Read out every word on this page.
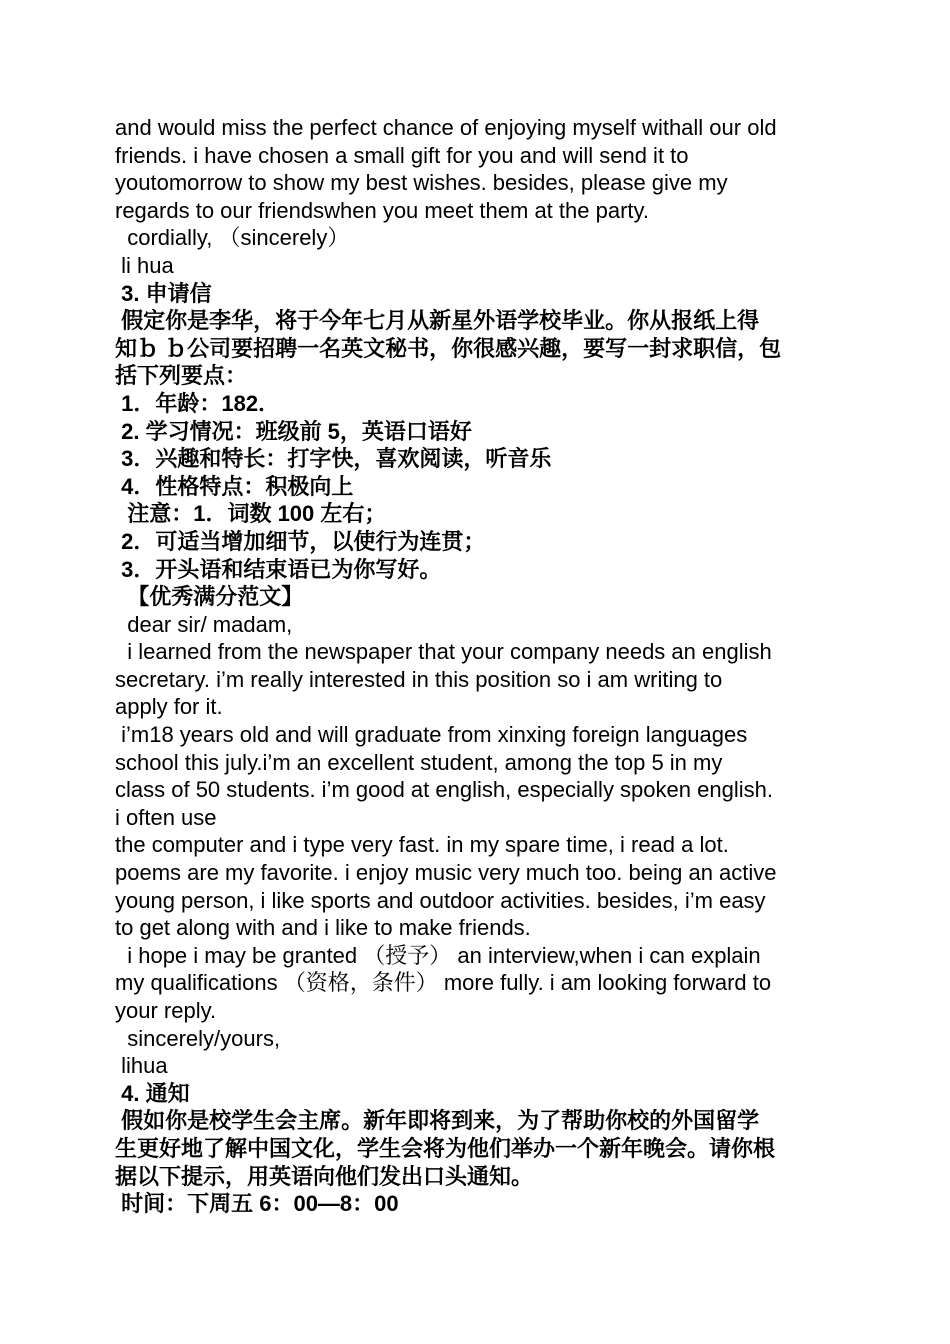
and would miss the perfect chance of enjoying myself withall our old
friends. i have chosen a small gift for you and will send it to
youtomorrow to show my best wishes. besides, please give my
regards to our friendswhen you meet them at the party.
cordially, （sincerely）
li hua
3. 申请信
假定你是李华，将于今年七月从新星外语学校毕业。你从报纸上得
知ｂ ｂ公司要招聘一名英文秘书，你很感兴趣，要写一封求职信，包
括下列要点：
1．年龄：182．
2. 学习情况：班级前 5，英语口语好
3．兴趣和特长：打字快，喜欢阅读，听音乐
4．性格特点：积极向上
注意：1．词数 100 左右；
2．可适当增加细节，以使行为连贯；
3．开头语和结束语已为你写好。
【优秀满分范文】
dear sir/ madam,
i learned from the newspaper that your company needs an english
secretary. i’m really interested in this position so i am writing to
apply for it.
i’m18 years old and will graduate from xinxing foreign languages
school this july.i’m an excellent student, among the top 5 in my
class of 50 students. i’m good at english, especially spoken english.
i often use
the computer and i type very fast. in my spare time, i read a lot.
poems are my favorite. i enjoy music very much too. being an active
young person, i like sports and outdoor activities. besides, i’m easy
to get along with and i like to make friends.
i hope i may be granted （授予） an interview,when i can explain
my qualifications （资格，条件） more fully. i am looking forward to
your reply.
sincerely/yours,
lihua
4. 通知
假如你是校学生会主席。新年即将到来，为了帮助你校的外国留学
生更好地了解中国文化，学生会将为他们举办一个新年晚会。请你根
据以下提示，用英语向他们发出口头通知。
时间：下周五 6：00—8：00
